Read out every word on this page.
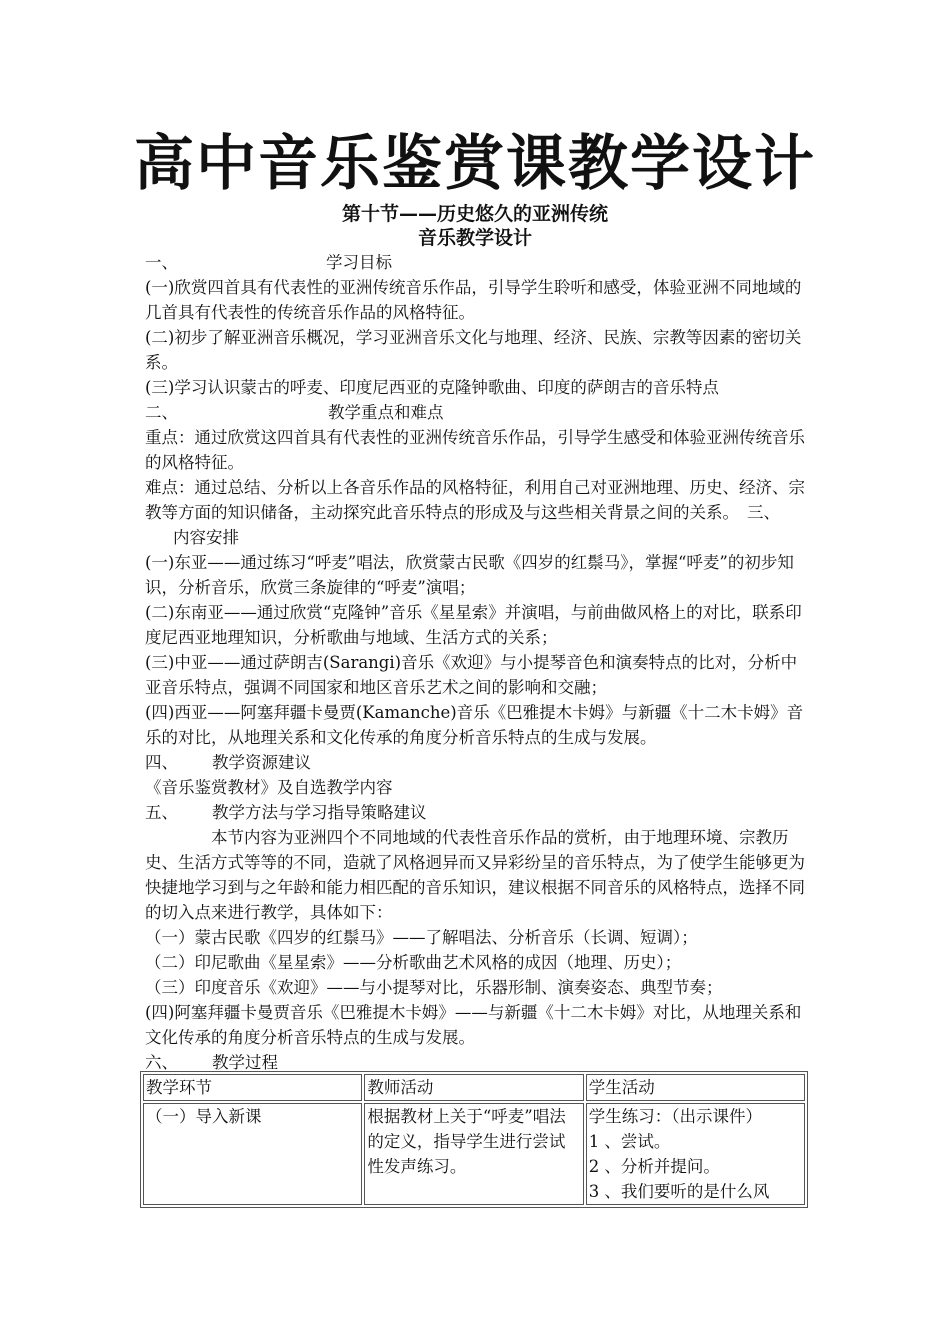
高中音乐鉴赏课教学设计
第十节——历史悠久的亚洲传统
音乐教学设计

一、	学习目标

(一)欣赏四首具有代表性的亚洲传统音乐作品，引导学生聆听和感受，体验亚洲不同地域的几首具有代表性的传统音乐作品的风格特征。

(二)初步了解亚洲音乐概况，学习亚洲音乐文化与地理、经济、民族、宗教等因素的密切关系。

(三)学习认识蒙古的呼麦、印度尼西亚的克隆钟歌曲、印度的萨朗吉的音乐特点

二、	教学重点和难点

重点：通过欣赏这四首具有代表性的亚洲传统音乐作品，引导学生感受和体验亚洲传统音乐的风格特征。

难点：通过总结、分析以上各音乐作品的风格特征，利用自己对亚洲地理、历史、经济、宗教等方面的知识储备，主动探究此音乐特点的形成及与这些相关背景之间的关系。 三、内容安排

(一)东亚——通过练习“呼麦”唱法，欣赏蒙古民歌《四岁的红鬃马》，掌握“呼麦”的初步知识，分析音乐，欣赏三条旋律的“呼麦”演唱；

(二)东南亚——通过欣赏“克隆钟”音乐《星星索》并演唱，与前曲做风格上的对比，联系印度尼西亚地理知识，分析歌曲与地域、生活方式的关系；

(三)中亚——通过萨朗吉(Sarangi)音乐《欢迎》与小提琴音色和演奏特点的比对，分析中亚音乐特点，强调不同国家和地区音乐艺术之间的影响和交融；

(四)西亚——阿塞拜疆卡曼贾(Kamanche)音乐《巴雅提木卡姆》与新疆《十二木卡姆》音乐的对比，从地理关系和文化传承的角度分析音乐特点的生成与发展。

四、 教学资源建议

《音乐鉴赏教材》及自选教学内容

五、 教学方法与学习指导策略建议

本节内容为亚洲四个不同地域的代表性音乐作品的赏析，由于地理环境、宗教历史、生活方式等等的不同，造就了风格迥异而又异彩纷呈的音乐特点，为了使学生能够更为快捷地学习到与之年龄和能力相匹配的音乐知识，建议根据不同音乐的风格特点，选择不同的切入点来进行教学，具体如下：

（一）蒙古民歌《四岁的红鬃马》——了解唱法、分析音乐（长调、短调）；

（二）印尼歌曲《星星索》——分析歌曲艺术风格的成因（地理、历史）；

（三）印度音乐《欢迎》——与小提琴对比，乐器形制、演奏姿态、典型节奏；

(四)阿塞拜疆卡曼贾音乐《巴雅提木卡姆》——与新疆《十二木卡姆》对比，从地理关系和文化传承的角度分析音乐特点的生成与发展。

六、 教学过程

教学环节	教师活动	学生活动
（一）导入新课	根据教材上关于“呼麦”唱法的定义，指导学生进行尝试性发声练习。	学生练习：（出示课件）
1 、尝试。
2 、分析并提问。
3 、我们要听的是什么风
